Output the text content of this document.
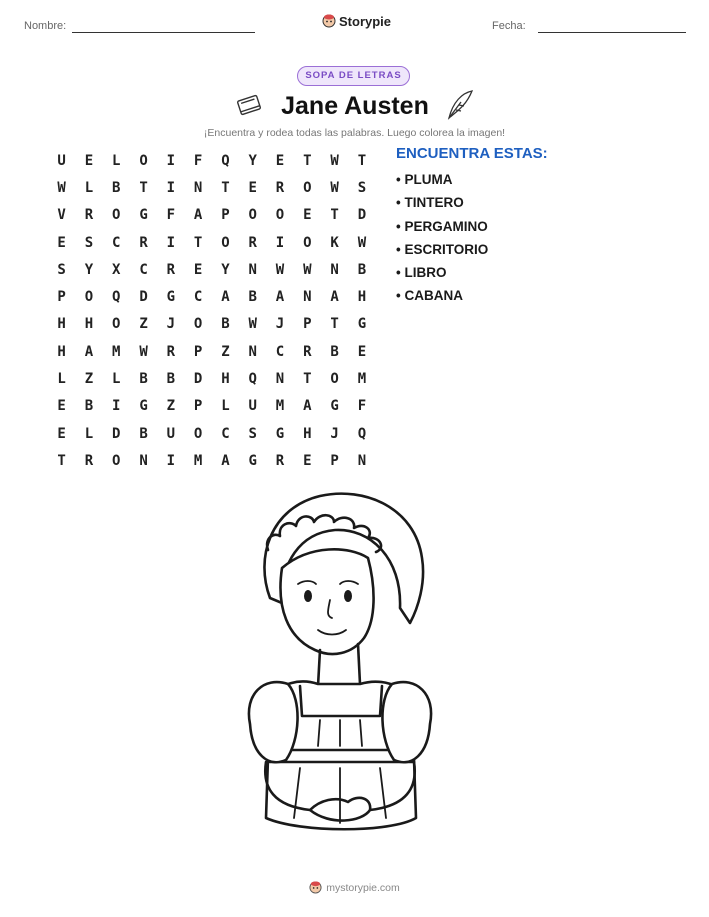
Nombre:	Storypie	Fecha:
SOPA DE LETRAS
Jane Austen
¡Encuentra y rodea todas las palabras. Luego colorea la imagen!
U	E	L	O	I	F	Q	Y	E	T	W	T
W	L	B	T	I	N	T	E	R	O	W	S
V	R	O	G	F	A	P	O	O	E	T	D
E	S	C	R	I	T	O	R	I	O	K	W
S	Y	X	C	R	E	Y	N	W	W	N	B
P	O	Q	D	G	C	A	B	A	N	A	H
H	H	O	Z	J	O	B	W	J	P	T	G
H	A	M	W	R	P	Z	N	C	R	B	E
L	Z	L	B	B	D	H	Q	N	T	O	M
E	B	I	G	Z	P	L	U	M	A	G	F
E	L	D	B	U	O	C	S	G	H	J	Q
T	R	O	N	I	M	A	G	R	E	P	N
ENCUENTRA ESTAS:
• PLUMA
• TINTERO
• PERGAMINO
• ESCRITORIO
• LIBRO
• CABANA
mystorypie.com
